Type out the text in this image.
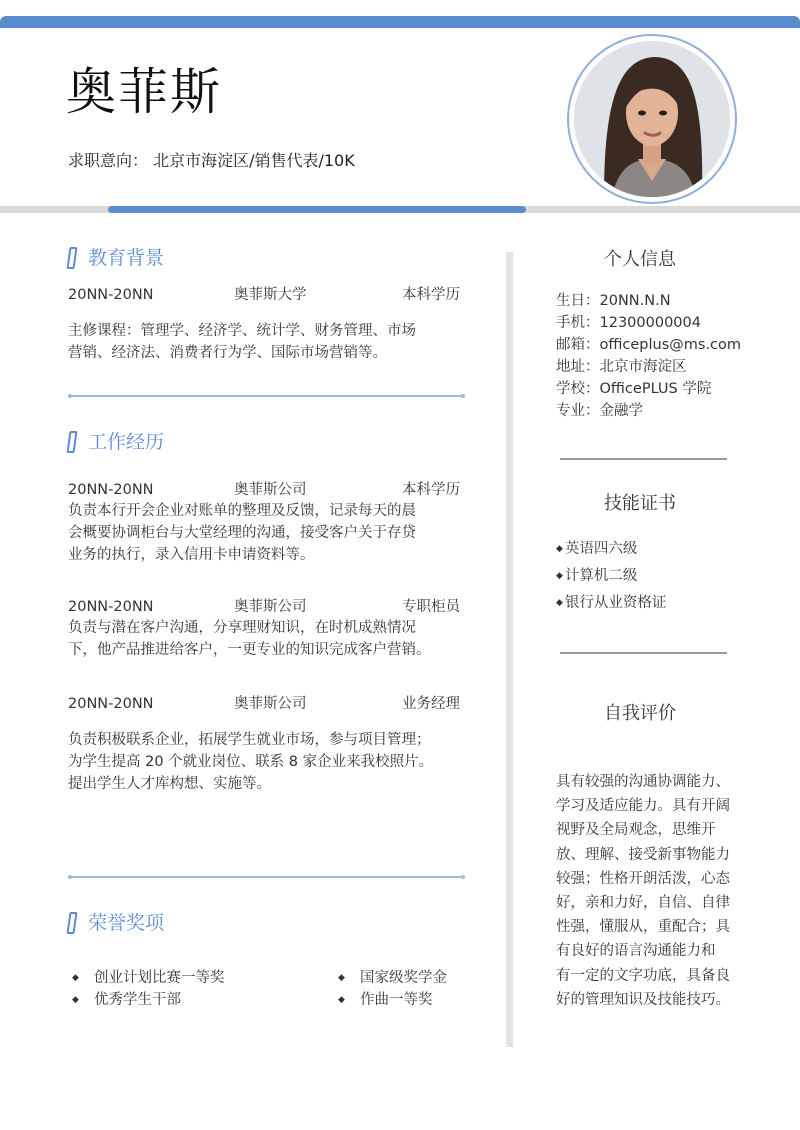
奥菲斯
求职意向： 北京市海淀区/销售代表/10K
教育背景
20NN-20NN	奥菲斯大学	本科学历
主修课程：管理学、经济学、统计学、财务管理、市场
营销、经济法、消费者行为学、国际市场营销等。
工作经历
20NN-20NN	奥菲斯公司	本科学历
负责本行开会企业对账单的整理及反馈，记录每天的晨
会概要协调柜台与大堂经理的沟通，接受客户关于存贷
业务的执行，录入信用卡申请资料等。
20NN-20NN	奥菲斯公司	专职柜员
负责与潜在客户沟通，分享理财知识，在时机成熟情况
下，他产品推进给客户，一更专业的知识完成客户营销。
20NN-20NN	奥菲斯公司	业务经理
负责积极联系企业，拓展学生就业市场，参与项目管理；
为学生提高 20 个就业岗位、联系 8 家企业来我校照片。
提出学生人才库构想、实施等。
荣誉奖项
◆ 创业计划比赛一等奖	◆ 国家级奖学金
◆ 优秀学生干部	◆ 作曲一等奖
个人信息
生日：20NN.N.N
手机：12300000004
邮箱：officeplus@ms.com
地址：北京市海淀区
学校：OfficePLUS 学院
专业：金融学
技能证书
◆ 英语四六级
◆ 计算机二级
◆ 银行从业资格证
自我评价
具有较强的沟通协调能力、
学习及适应能力。具有开阔
视野及全局观念，思维开
放、理解、接受新事物能力
较强；性格开朗活泼，心态
好，亲和力好，自信、自律
性强，懂服从，重配合；具
有良好的语言沟通能力和
有一定的文字功底，具备良
好的管理知识及技能技巧。
